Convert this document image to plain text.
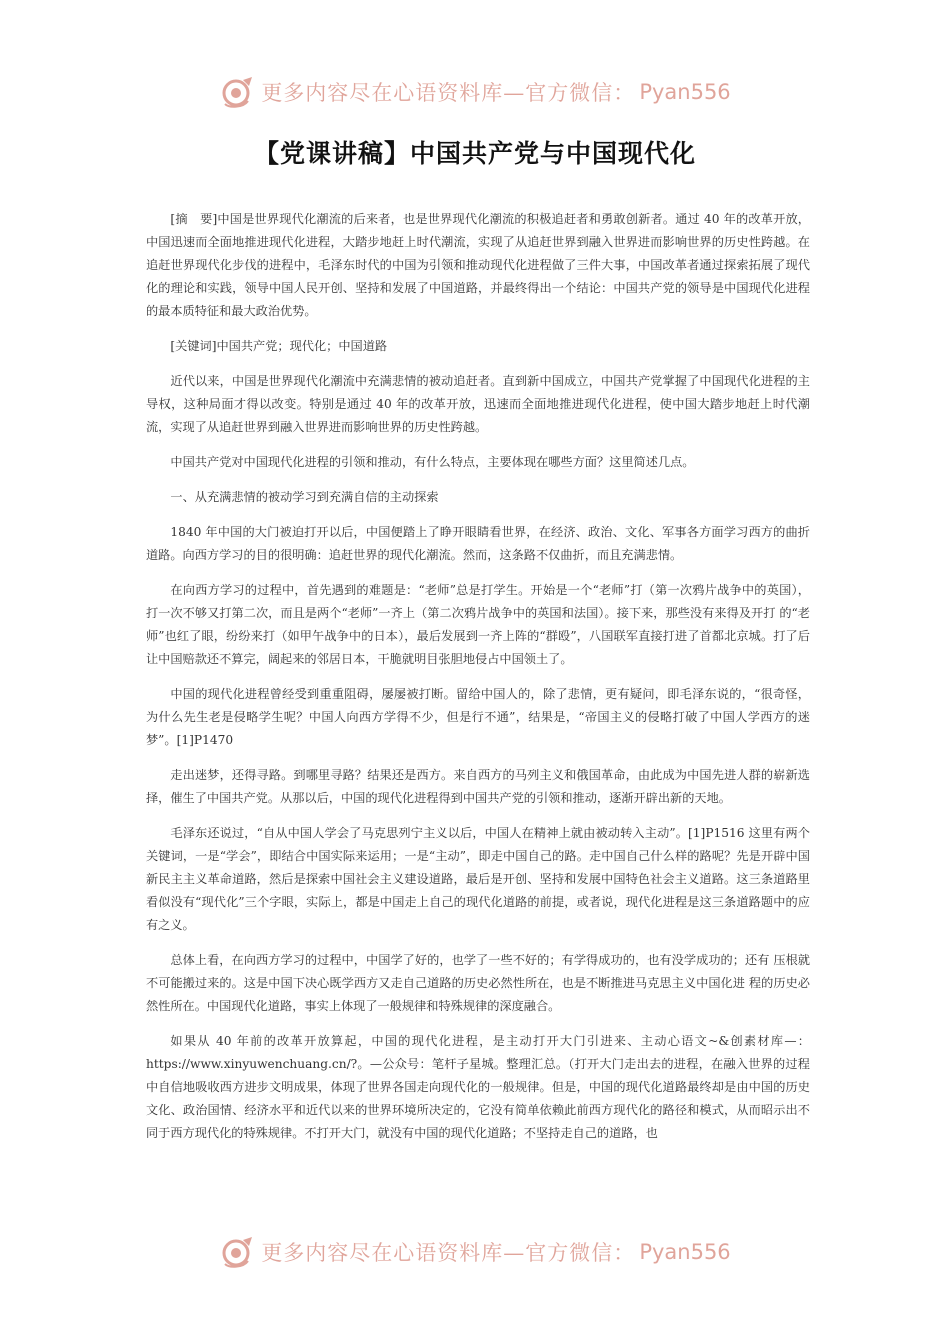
更多内容尽在心语资料库—官方微信： Pyan556
【党课讲稿】中国共产党与中国现代化

[摘　要]中国是世界现代化潮流的后来者，也是世界现代化潮流的积极追赶者和勇敢创新者。通过 40 年的改革开放， 中国迅速而全面地推进现代化进程，大踏步地赶上时代潮流，实现了从追赶世界到融入世界进而影响世界的历史性跨越。在追赶世界现代化步伐的进程中，毛泽东时代的中国为引领和推动现代化进程做了三件大事，中国改革者通过探索拓展了现代化的理论和实践，领导中国人民开创、坚持和发展了中国道路，并最终得出一个结论：中国共产党的领导是中国现代化进程的最本质特征和最大政治优势。

[关键词]中国共产党；现代化；中国道路

近代以来，中国是世界现代化潮流中充满悲情的被动追赶者。直到新中国成立，中国共产党掌握了中国现代化进程的主导权，这种局面才得以改变。特别是通过 40 年的改革开放，迅速而全面地推进现代化进程，使中国大踏步地赶上时代潮流，实现了从追赶世界到融入世界进而影响世界的历史性跨越。

中国共产党对中国现代化进程的引领和推动，有什么特点，主要体现在哪些方面？这里简述几点。

一、从充满悲情的被动学习到充满自信的主动探索

1840 年中国的大门被迫打开以后，中国便踏上了睁开眼睛看世界，在经济、政治、文化、军事各方面学习西方的曲折道路。向西方学习的目的很明确：追赶世界的现代化潮流。然而，这条路不仅曲折，而且充满悲情。

在向西方学习的过程中，首先遇到的难题是：“老师”总是打学生。开始是一个“老师”打（第一次鸦片战争中的英国），打一次不够又打第二次，而且是两个“老师”一齐上（第二次鸦片战争中的英国和法国）。接下来，那些没有来得及开打 的“老师”也红了眼，纷纷来打（如甲午战争中的日本），最后发展到一齐上阵的“群殴”，八国联军直接打进了首都北京城。打了后让中国赔款还不算完，阔起来的邻居日本，干脆就明目张胆地侵占中国领土了。

中国的现代化进程曾经受到重重阻碍，屡屡被打断。留给中国人的，除了悲情，更有疑问，即毛泽东说的，“很奇怪，为什么先生老是侵略学生呢？中国人向西方学得不少，但是行不通”，结果是，“帝国主义的侵略打破了中国人学西方的迷梦”。[1]P1470

走出迷梦，还得寻路。到哪里寻路？结果还是西方。来自西方的马列主义和俄国革命，由此成为中国先进人群的崭新选择，催生了中国共产党。从那以后，中国的现代化进程得到中国共产党的引领和推动，逐渐开辟出新的天地。

毛泽东还说过，“自从中国人学会了马克思列宁主义以后，中国人在精神上就由被动转入主动”。[1]P1516 这里有两个关键词，一是“学会”，即结合中国实际来运用；一是“主动”，即走中国自己的路。走中国自己什么样的路呢？先是开辟中国新民主主义革命道路，然后是探索中国社会主义建设道路，最后是开创、坚持和发展中国特色社会主义道路。这三条道路里看似没有“现代化”三个字眼，实际上，都是中国走上自己的现代化道路的前提，或者说，现代化进程是这三条道路题中的应有之义。

总体上看，在向西方学习的过程中，中国学了好的，也学了一些不好的；有学得成功的，也有没学成功的；还有 压根就不可能搬过来的。这是中国下决心既学西方又走自己道路的历史必然性所在，也是不断推进马克思主义中国化进 程的历史必然性所在。中国现代化道路，事实上体现了一般规律和特殊规律的深度融合。

如果从 40 年前的改革开放算起，中国的现代化进程，是主动打开大门引进来、主动心语文~&创素材库—：https://www.xinyuwenchuang.cn/?。—公众号：笔杆子星城。整理汇总。（打开大门走出去的进程，在融入世界的过程中自信地吸收西方进步文明成果，体现了世界各国走向现代化的一般规律。但是，中国的现代化道路最终却是由中国的历史文化、政治国情、经济水平和近代以来的世界环境所决定的，它没有简单依赖此前西方现代化的路径和模式，从而昭示出不同于西方现代化的特殊规律。不打开大门，就没有中国的现代化道路；不坚持走自己的道路，也

更多内容尽在心语资料库—官方微信： Pyan556
